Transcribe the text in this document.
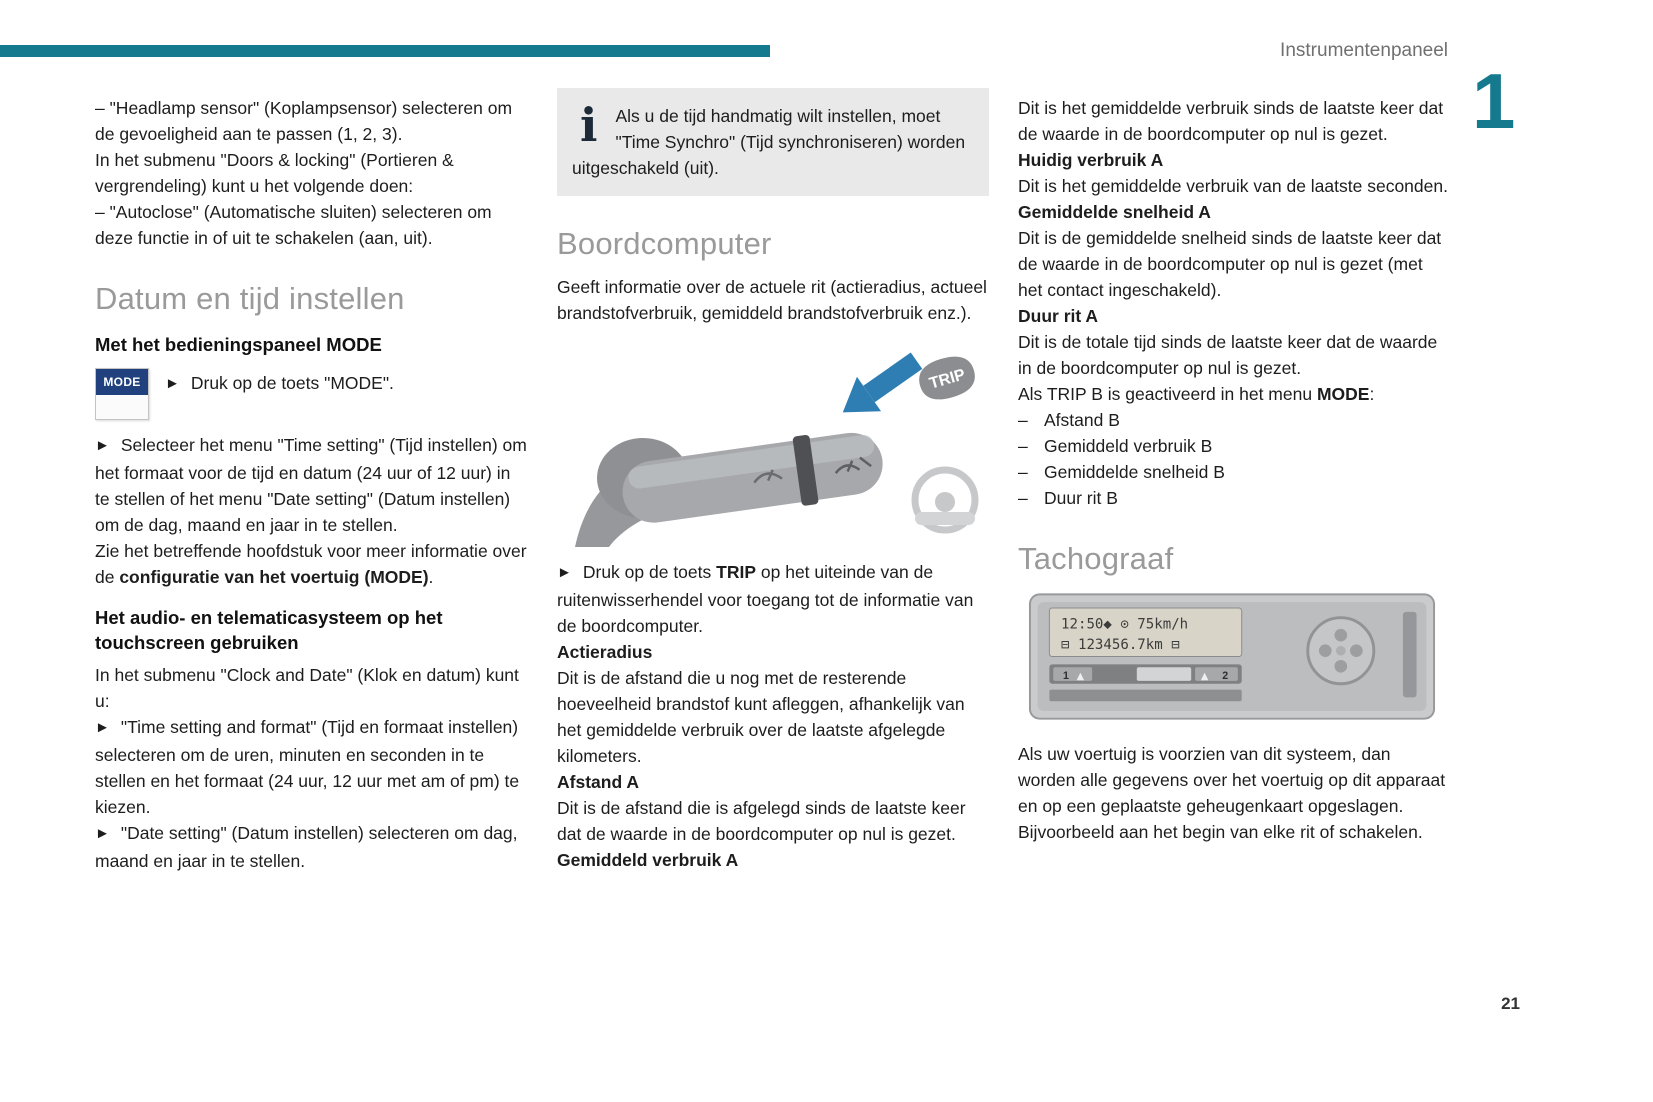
Instrumentenpaneel
1

– "Headlamp sensor" (Koplampsensor) selecteren om de gevoeligheid aan te passen (1, 2, 3).

In het submenu "Doors & locking" (Portieren & vergrendeling) kunt u het volgende doen:

– "Autoclose" (Automatische sluiten) selecteren om deze functie in of uit te schakelen (aan, uit).

Datum en tijd instellen
Met het bedieningspaneel MODE
MODE	► Druk op de toets "MODE".

► Selecteer het menu "Time setting" (Tijd instellen) om het formaat voor de tijd en datum (24 uur of 12 uur) in te stellen of het menu "Date setting" (Datum instellen) om de dag, maand en jaar in te stellen.

Zie het betreffende hoofdstuk voor meer informatie over de configuratie van het voertuig (MODE).

Het audio- en telematicasysteem op het touchscreen gebruiken

In het submenu "Clock and Date" (Klok en datum) kunt u:

► "Time setting and format" (Tijd en formaat instellen) selecteren om de uren, minuten en seconden in te stellen en het formaat (24 uur, 12 uur met am of pm) te kiezen.

► "Date setting" (Datum instellen) selecteren om dag, maand en jaar in te stellen.

i Als u de tijd handmatig wilt instellen, moet "Time Synchro" (Tijd synchroniseren) worden uitgeschakeld (uit).
Boordcomputer

Geeft informatie over de actuele rit (actieradius, actueel brandstofverbruik, gemiddeld brandstofverbruik enz.).

TRIP

► Druk op de toets TRIP op het uiteinde van de ruitenwisserhendel voor toegang tot de informatie van de boordcomputer.

Actieradius

Dit is de afstand die u nog met de resterende hoeveelheid brandstof kunt afleggen, afhankelijk van het gemiddelde verbruik over de laatste afgelegde kilometers.

Afstand A

Dit is de afstand die is afgelegd sinds de laatste keer dat de waarde in de boordcomputer op nul is gezet.

Gemiddeld verbruik A

Dit is het gemiddelde verbruik sinds de laatste keer dat de waarde in de boordcomputer op nul is gezet.

Huidig verbruik A

Dit is het gemiddelde verbruik van de laatste seconden.

Gemiddelde snelheid A

Dit is de gemiddelde snelheid sinds de laatste keer dat de waarde in de boordcomputer op nul is gezet (met het contact ingeschakeld).

Duur rit A

Dit is de totale tijd sinds de laatste keer dat de waarde in de boordcomputer op nul is gezet.

Als TRIP B is geactiveerd in het menu MODE:

– Afstand B
– Gemiddeld verbruik B
– Gemiddelde snelheid B
– Duur rit B
Tachograaf
12:50◆ ⊙ 75km/h
⊟ 123456.7km ⊟
1 ▲	▲ 2

Als uw voertuig is voorzien van dit systeem, dan worden alle gegevens over het voertuig op dit apparaat en op een geplaatste geheugenkaart opgeslagen.

Bijvoorbeeld aan het begin van elke rit of schakelen.

21
